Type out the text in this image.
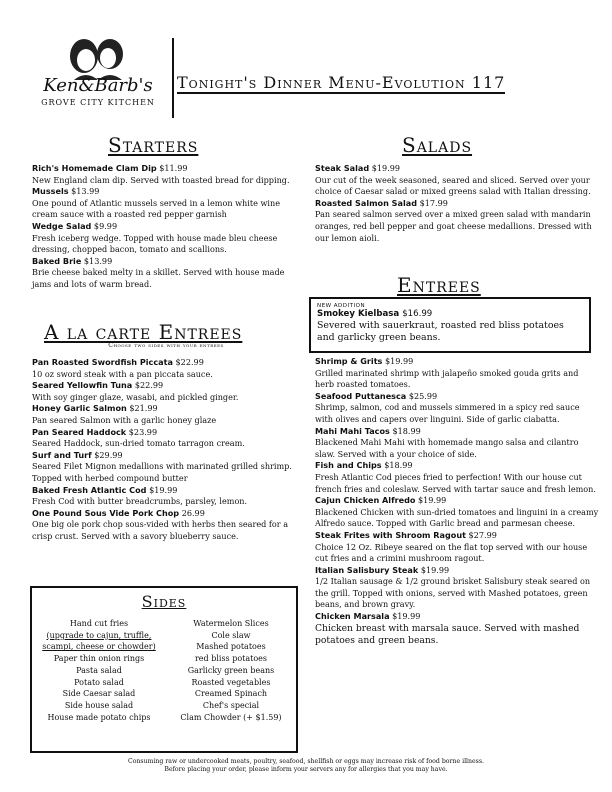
Ken&Barb's
GROVE CITY KITCHEN
Tonight's Dinner Menu-Evolution 117
Starters
Rich's Homemade Clam Dip $11.99

New England clam dip. Served with toasted bread for dipping.

Mussels $13.99

One pound of Atlantic mussels served in a lemon white wine cream sauce with a roasted red pepper garnish

Wedge Salad $9.99

Fresh iceberg wedge. Topped with house made bleu cheese dressing, chopped bacon, tomato and scallions.

Baked Brie $13.99

Brie cheese baked melty in a skillet. Served with house made jams and lots of warm bread.

A la carte Entrees
Choose two sides with your entrees
Pan Roasted Swordfish Piccata $22.99

10 oz sword steak with a pan piccata sauce.

Seared Yellowfin Tuna $22.99

With soy ginger glaze, wasabi, and pickled ginger.

Honey Garlic Salmon $21.99

Pan seared Salmon with a garlic honey glaze

Pan Seared Haddock $23.99

Seared Haddock, sun-dried tomato tarragon cream.

Surf and Turf $29.99

Seared Filet Mignon medallions with marinated grilled shrimp. Topped with herbed compound butter

Baked Fresh Atlantic Cod $19.99

Fresh Cod with butter breadcrumbs, parsley, lemon.

One Pound Sous Vide Pork Chop 26.99

One big ole pork chop sous-vided with herbs then seared for a crisp crust. Served with a savory blueberry sauce.

Salads
Steak Salad $19.99

Our cut of the week seasoned, seared and sliced. Served over your choice of Caesar salad or mixed greens salad with Italian dressing.

Roasted Salmon Salad $17.99

Pan seared salmon served over a mixed green salad with mandarin oranges, red bell pepper and goat cheese medallions. Dressed with our lemon aioli.

Entrees
NEW ADDITION
Smokey Kielbasa $16.99
Severed with sauerkraut, roasted red bliss potatoes and garlicky green beans.
Shrimp & Grits $19.99

Grilled marinated shrimp with jalapeño smoked gouda grits and herb roasted tomatoes.

Seafood Puttanesca $25.99

Shrimp, salmon, cod and mussels simmered in a spicy red sauce with olives and capers over linguini. Side of garlic ciabatta.

Mahi Mahi Tacos $18.99

Blackened Mahi Mahi with homemade mango salsa and cilantro slaw. Served with a your choice of side.

Fish and Chips $18.99

Fresh Atlantic Cod pieces fried to perfection! With our house cut french fries and coleslaw. Served with tartar sauce and fresh lemon.

Cajun Chicken Alfredo $19.99

Blackened Chicken with sun-dried tomatoes and linguini in a creamy Alfredo sauce. Topped with Garlic bread and parmesan cheese.

Steak Frites with Shroom Ragout $27.99

Choice 12 Oz. Ribeye seared on the flat top served with our house cut fries and a crimini mushroom ragout.

Italian Salisbury Steak $19.99

1/2 Italian sausage & 1/2 ground brisket Salisbury steak seared on the grill. Topped with onions, served with Mashed potatoes, green beans, and brown gravy.

Chicken Marsala $19.99

Chicken breast with marsala sauce. Served with mashed potatoes and green beans.

Sides
Hand cut fries
(upgrade to cajun, truffle,
scampi, cheese or chowder)
Paper thin onion rings
Pasta salad
Potato salad
Side Caesar salad
Side house salad
House made potato chips
Watermelon Slices
Cole slaw
Mashed potatoes
red bliss potatoes
Garlicky green beans
Roasted vegetables
Creamed Spinach
Chef's special
Clam Chowder (+ $1.59)
Consuming raw or undercooked meats, poultry, seafood, shellfish or eggs may increase risk of food borne illness.
Before placing your order, please inform your servers any for allergies that you may have.
